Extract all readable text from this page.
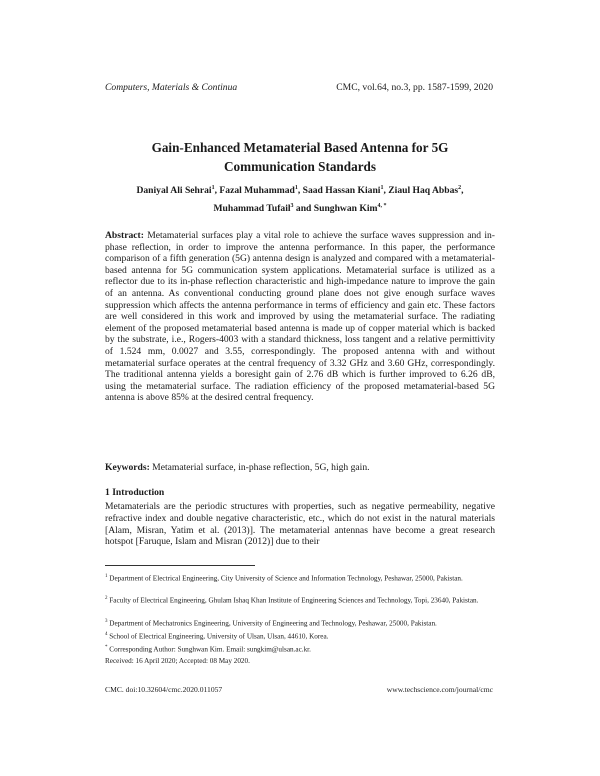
Computers, Materials & Continua	CMC, vol.64, no.3, pp. 1587-1599, 2020
Gain-Enhanced Metamaterial Based Antenna for 5G
Communication Standards
Daniyal Ali Sehrai$^1$, Fazal Muhammad$^1$, Saad Hassan Kiani$^1$, Ziaul Haq Abbas$^2$,
Muhammad Tufail$^3$ and Sunghwan Kim$^{4, *}$
Abstract: Metamaterial surfaces play a vital role to achieve the surface waves suppression and in-phase reflection, in order to improve the antenna performance. In this paper, the performance comparison of a fifth generation (5G) antenna design is analyzed and compared with a metamaterial-based antenna for 5G communication system applications. Metamaterial surface is utilized as a reflector due to its in-phase reflection characteristic and high-impedance nature to improve the gain of an antenna. As conventional conducting ground plane does not give enough surface waves suppression which affects the antenna performance in terms of efficiency and gain etc. These factors are well considered in this work and improved by using the metamaterial surface. The radiating element of the proposed metamaterial based antenna is made up of copper material which is backed by the substrate, i.e., Rogers-4003 with a standard thickness, loss tangent and a relative permittivity of 1.524 mm, 0.0027 and 3.55, correspondingly. The proposed antenna with and without metamaterial surface operates at the central frequency of 3.32 GHz and 3.60 GHz, correspondingly. The traditional antenna yields a boresight gain of 2.76 dB which is further improved to 6.26 dB, using the metamaterial surface. The radiation efficiency of the proposed metamaterial-based 5G antenna is above 85% at the desired central frequency.
Keywords: Metamaterial surface, in-phase reflection, 5G, high gain.
1 Introduction
Metamaterials are the periodic structures with properties, such as negative permeability, negative refractive index and double negative characteristic, etc., which do not exist in the natural materials [Alam, Misran, Yatim et al. (2013)]. The metamaterial antennas have become a great research hotspot [Faruque, Islam and Misran (2012)] due to their
$^1$ Department of Electrical Engineering, City University of Science and Information Technology, Peshawar, 25000, Pakistan.
$^2$ Faculty of Electrical Engineering, Ghulam Ishaq Khan Institute of Engineering Sciences and Technology, Topi, 23640, Pakistan.
$^3$ Department of Mechatronics Engineering, University of Engineering and Technology, Peshawar, 25000, Pakistan.
$^4$ School of Electrical Engineering, University of Ulsan, Ulsan, 44610, Korea.
* Corresponding Author: Sunghwan Kim. Email: sungkim@ulsan.ac.kr.
Received: 16 April 2020; Accepted: 08 May 2020.
CMC. doi:10.32604/cmc.2020.011057	www.techscience.com/journal/cmc
